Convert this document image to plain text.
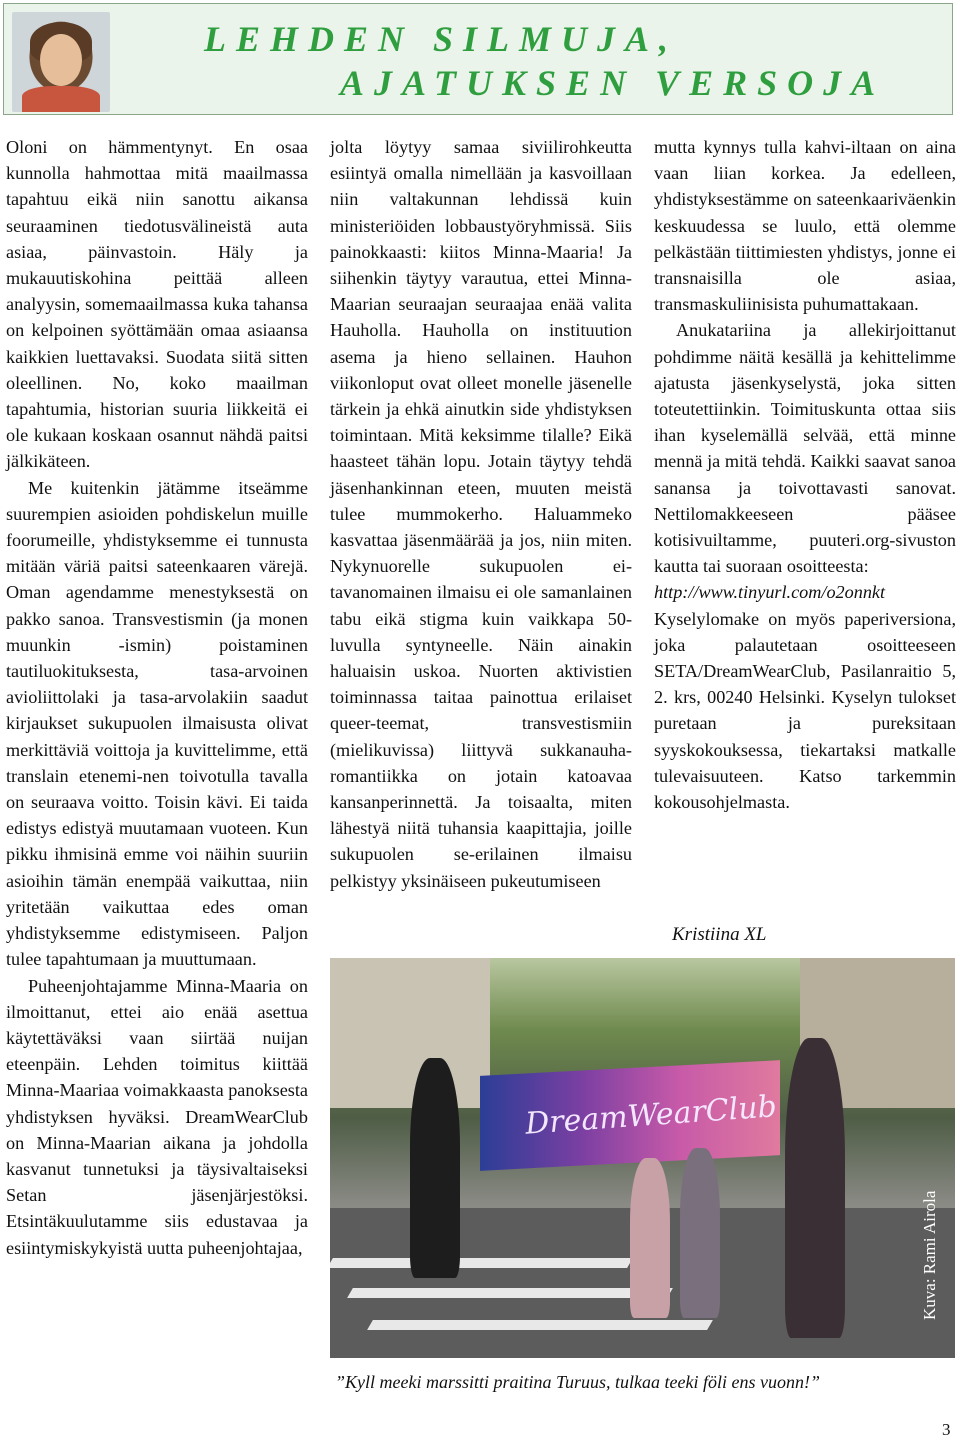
LEHDEN SILMUJA,
AJATUKSEN VERSOJA

Oloni on hämmentynyt. En osaa kunnolla hahmottaa mitä maailmassa tapahtuu eikä niin sanottu aikansa seuraaminen tiedotusvälineistä auta asiaa, päinvastoin. Häly ja mukauutiskohina peittää alleen analyysin, somemaailmassa kuka tahansa on kelpoinen syöttämään omaa asiaansa kaikkien luettavaksi. Suodata siitä sitten oleellinen. No, koko maailman tapahtumia, historian suuria liikkeitä ei ole kukaan koskaan osannut nähdä paitsi jälkikäteen.

Me kuitenkin jätämme itseämme suurempien asioiden pohdiskelun muille foorumeille, yhdistyksemme ei tunnusta mitään väriä paitsi sateenkaaren värejä. Oman agendamme menestyksestä on pakko sanoa. Transvestismin (ja monen muunkin -ismin) poistaminen tautiluokituksesta, tasa-arvoinen avioliittolaki ja tasa-arvolakiin saadut kirjaukset sukupuolen ilmaisusta olivat merkittäviä voittoja ja kuvittelimme, että translain etenemi-nen toivotulla tavalla on seuraava voitto. Toisin kävi. Ei taida edistys edistyä muutamaan vuoteen. Kun pikku ihmisinä emme voi näihin suuriin asioihin tämän enempää vaikuttaa, niin yritetään vaikuttaa edes oman yhdistyksemme edistymiseen. Paljon tulee tapahtumaan ja muuttumaan.

Puheenjohtajamme Minna-Maaria on ilmoittanut, ettei aio enää asettua käytettäväksi vaan siirtää nuijan eteenpäin. Lehden toimitus kiittää Minna-Maariaa voimakkaasta panoksesta yhdistyksen hyväksi. DreamWearClub on Minna-Maarian aikana ja johdolla kasvanut tunnetuksi ja täysivaltaiseksi Setan jäsenjärjestöksi. Etsintäkuulutamme siis edustavaa ja esiintymiskykyistä uutta puheenjohtajaa,

jolta löytyy samaa siviilirohkeutta esiintyä omalla nimellään ja kasvoillaan niin valtakunnan lehdissä kuin ministeriöiden lobbaustyöryhmissä. Siis painokkaasti: kiitos Minna-Maaria! Ja siihenkin täytyy varautua, ettei Minna-Maarian seuraajan seuraajaa enää valita Hauholla. Hauholla on instituution asema ja hieno sellainen. Hauhon viikonloput ovat olleet monelle jäsenelle tärkein ja ehkä ainutkin side yhdistyksen toimintaan. Mitä keksimme tilalle? Eikä haasteet tähän lopu. Jotain täytyy tehdä jäsenhankinnan eteen, muuten meistä tulee mummokerho. Haluammeko kasvattaa jäsenmäärää ja jos, niin miten. Nykynuorelle sukupuolen ei-tavanomainen ilmaisu ei ole samanlainen tabu eikä stigma kuin vaikkapa 50-luvulla syntyneelle. Näin ainakin haluaisin uskoa. Nuorten aktivistien toiminnassa taitaa painottua erilaiset queer-teemat, transvestismiin (mielikuvissa) liittyvä sukkanauha-romantiikka on jotain katoavaa kansanperinnettä. Ja toisaalta, miten lähestyä niitä tuhansia kaapittajia, joille sukupuolen se-erilainen ilmaisu pelkistyy yksinäiseen pukeutumiseen

mutta kynnys tulla kahvi-iltaan on aina vaan liian korkea. Ja edelleen, yhdistyksestämme on sateenkaariväenkin keskuudessa se luulo, että olemme pelkästään tiittimiesten yhdistys, jonne ei transnaisilla ole asiaa, transmaskuliinisista puhumattakaan.

Anukatariina ja allekirjoittanut pohdimme näitä kesällä ja kehittelimme ajatusta jäsenkyselystä, joka sitten toteutettiinkin. Toimituskunta ottaa siis ihan kyselemällä selvää, että minne mennä ja mitä tehdä. Kaikki saavat sanoa sanansa ja toivottavasti sanovat. Nettilomakkeeseen pääsee kotisivuiltamme, puuteri.org-sivuston kautta tai suoraan osoitteesta:

http://www.tinyurl.com/o2onnkt

Kyselylomake on myös paperiversiona, joka palautetaan osoitteeseen SETA/DreamWearClub, Pasilanraitio 5, 2. krs, 00240 Helsinki. Kyselyn tulokset puretaan ja pureksitaan syyskokouksessa, tiekartaksi matkalle tulevaisuuteen. Katso tarkemmin kokousohjelmasta.

Kristiina XL
DreamWearClub
Kuva: Rami Airola
”Kyll meeki marssitti praitina Turuus, tulkaa teeki föli ens vuonn!”
3
